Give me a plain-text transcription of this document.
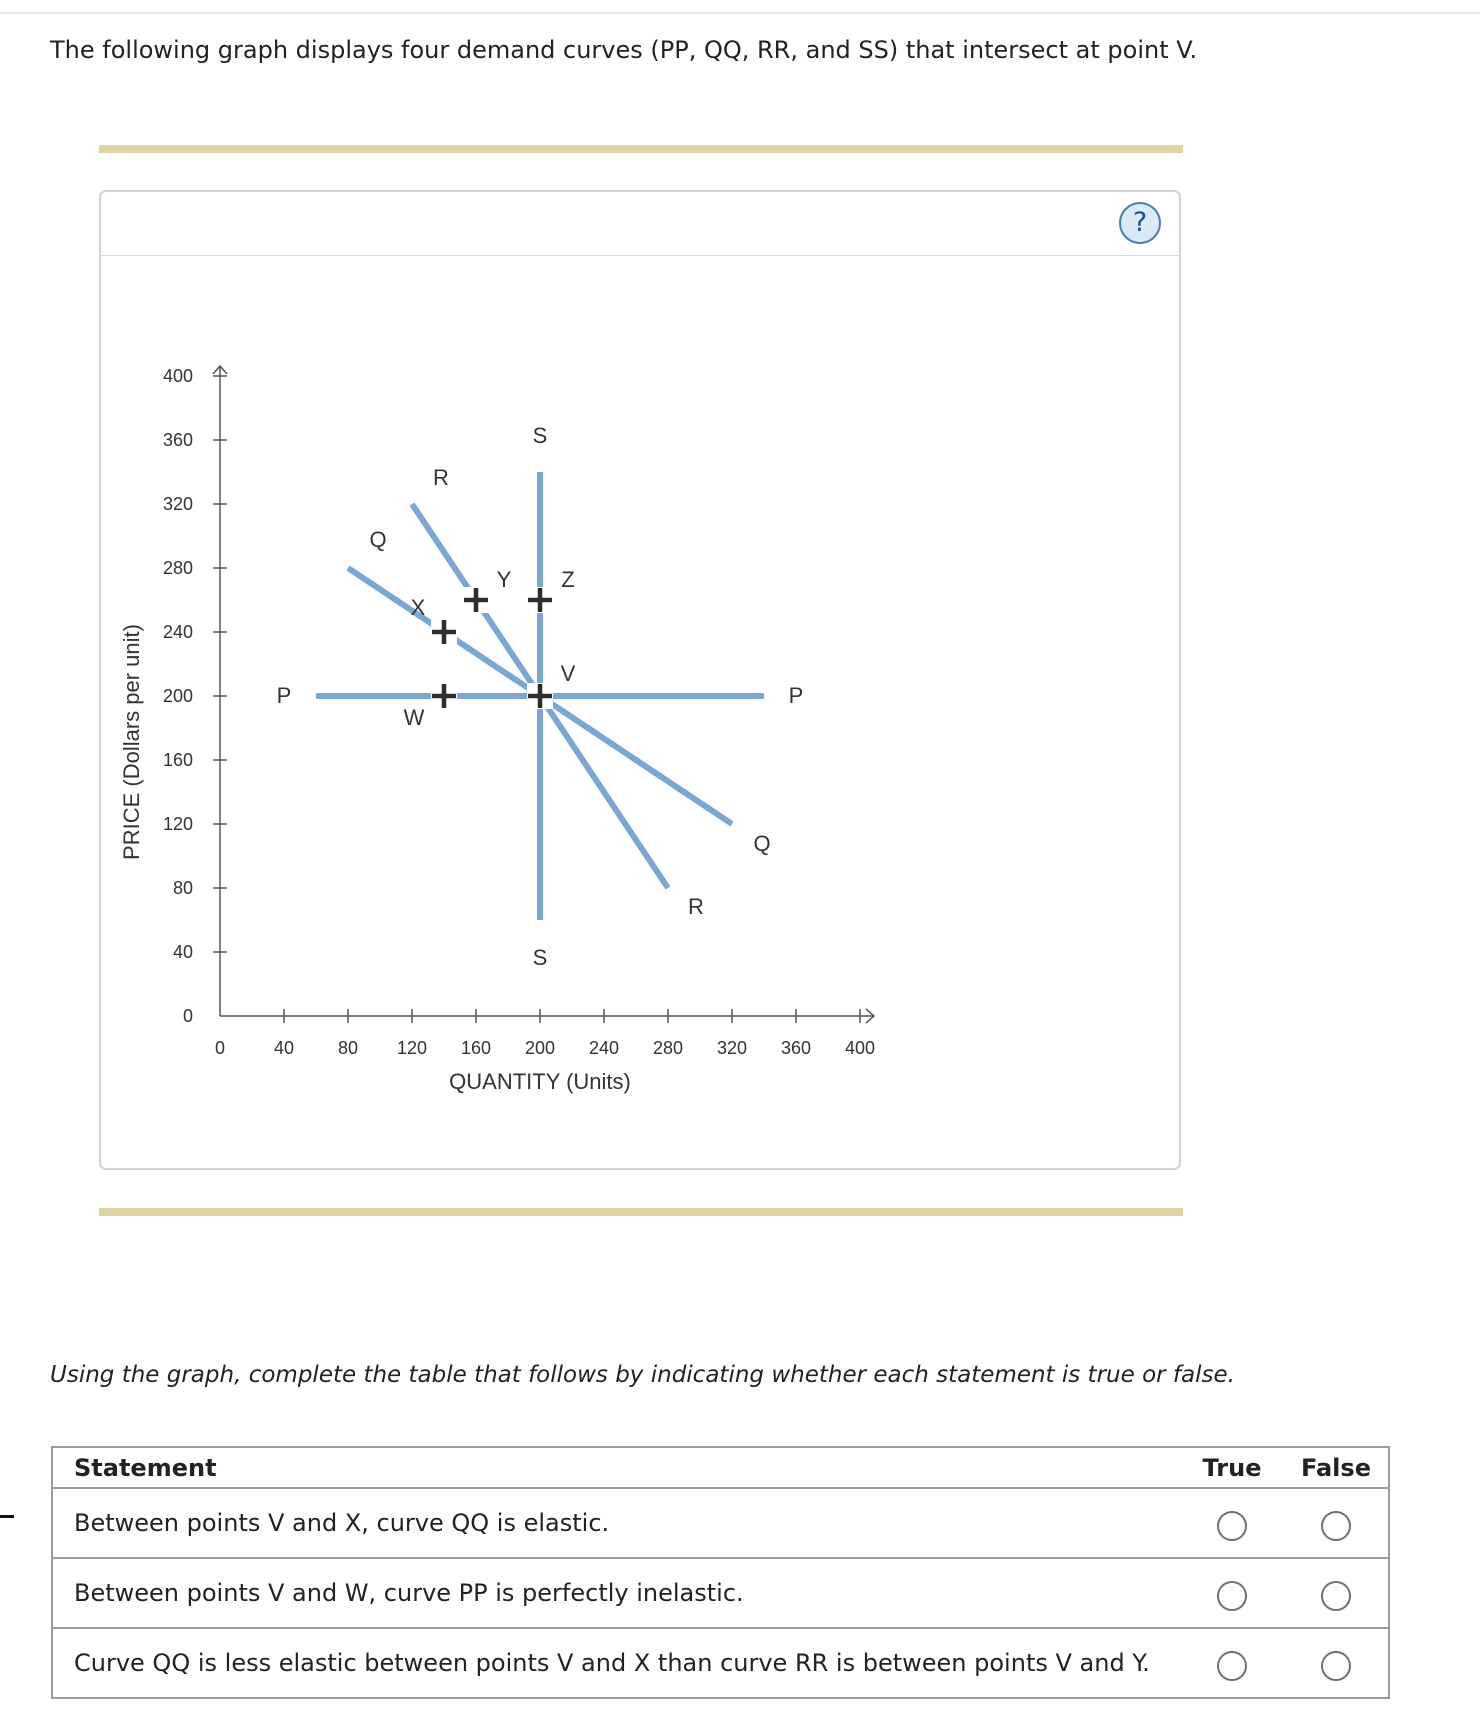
The following graph displays four demand curves (PP, QQ, RR, and SS) that intersect at point V.
?
0
40
80
120
160
200
240
280
320
360
400
0	40 80 120 160 200 240 280 320 360 400
QUANTITY (Units)
PRICE (Dollars per unit)	P	P
Q
Q
R
R
S
S
V
W
X
Y Z
Using the graph, complete the table that follows by indicating whether each statement is true or false.
Statement	True	False
Between points V and X, curve QQ is elastic.		
Between points V and W, curve PP is perfectly inelastic.		
Curve QQ is less elastic between points V and X than curve RR is between points V and Y.		
